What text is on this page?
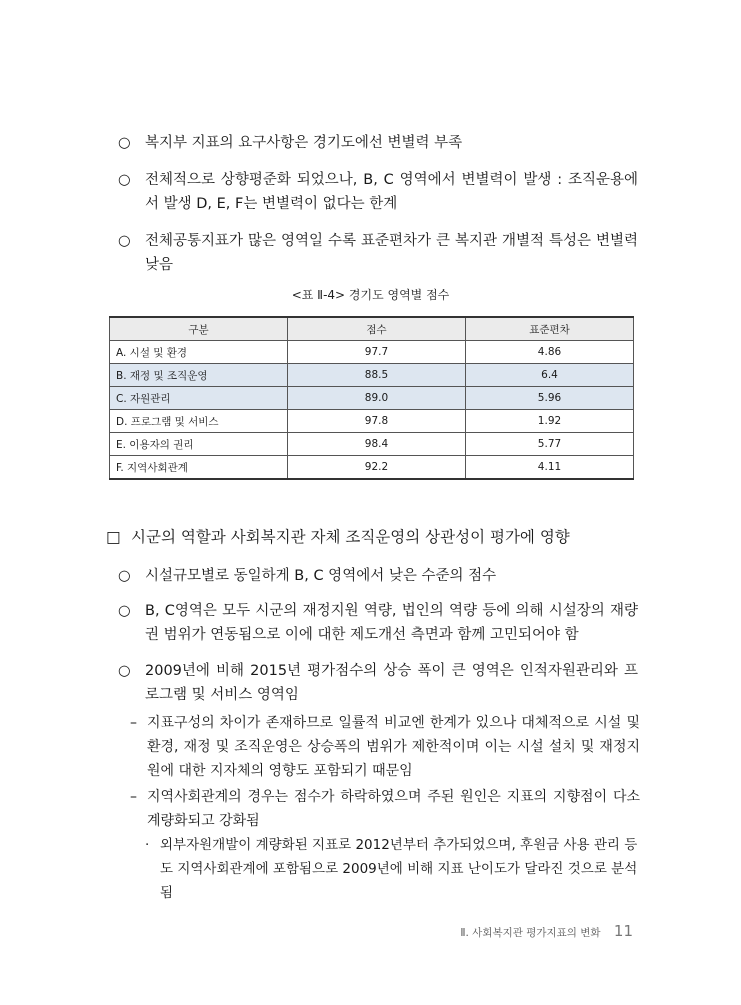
○ 복지부 지표의 요구사항은 경기도에선 변별력 부족
○ 전체적으로 상향평준화 되었으나, B, C 영역에서 변별력이 발생 : 조직운용에서 발생 D, E, F는 변별력이 없다는 한계
○ 전체공통지표가 많은 영역일 수록 표준편차가 큰 복지관 개별적 특성은 변별력 낮음
<표 Ⅱ-4> 경기도 영역별 점수
구분	점수	표준편차
A. 시설 및 환경	97.7	4.86
B. 재정 및 조직운영	88.5	6.4
C. 자원관리	89.0	5.96
D. 프로그램 및 서비스	97.8	1.92
E. 이용자의 권리	98.4	5.77
F. 지역사회관계	92.2	4.11
□ 시군의 역할과 사회복지관 자체 조직운영의 상관성이 평가에 영향
○ 시설규모별로 동일하게 B, C 영역에서 낮은 수준의 점수
○ B, C영역은 모두 시군의 재정지원 역량, 법인의 역량 등에 의해 시설장의 재량권 범위가 연동됨으로 이에 대한 제도개선 측면과 함께 고민되어야 함
○ 2009년에 비해 2015년 평가점수의 상승 폭이 큰 영역은 인적자원관리와 프로그램 및 서비스 영역임
– 지표구성의 차이가 존재하므로 일률적 비교엔 한계가 있으나 대체적으로 시설 및 환경, 재정 및 조직운영은 상승폭의 범위가 제한적이며 이는 시설 설치 및 재정지원에 대한 지자체의 영향도 포함되기 때문임
– 지역사회관계의 경우는 점수가 하락하였으며 주된 원인은 지표의 지향점이 다소 계량화되고 강화됨
· 외부자원개발이 계량화된 지표로 2012년부터 추가되었으며, 후원금 사용 관리 등도 지역사회관계에 포함됨으로 2009년에 비해 지표 난이도가 달라진 것으로 분석됨
Ⅱ. 사회복지관 평가지표의 변화 11
